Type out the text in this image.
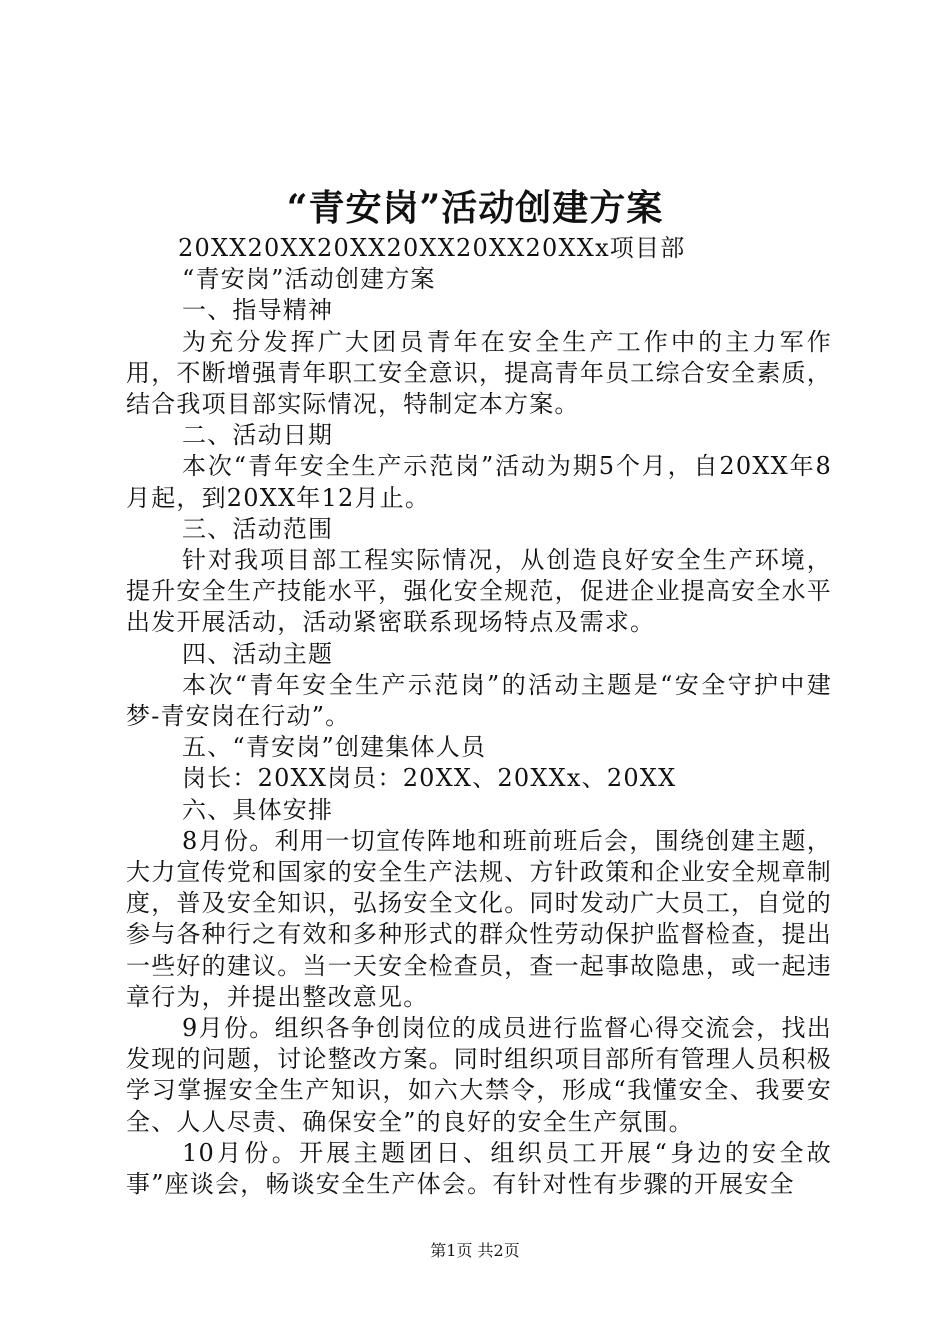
“青安岗”活动创建方案

20XX20XX20XX20XX20XX20XXx项目部

“青安岗”活动创建方案

一、指导精神

为充分发挥广大团员青年在安全生产工作中的主力军作用，不断增强青年职工安全意识，提高青年员工综合安全素质，结合我项目部实际情况，特制定本方案。

二、活动日期

本次“青年安全生产示范岗”活动为期5个月，自20XX年8月起，到20XX年12月止。

三、活动范围

针对我项目部工程实际情况，从创造良好安全生产环境，提升安全生产技能水平，强化安全规范，促进企业提高安全水平出发开展活动，活动紧密联系现场特点及需求。

四、活动主题

本次“青年安全生产示范岗”的活动主题是“安全守护中建梦-青安岗在行动”。

五、“青安岗”创建集体人员

岗长：20XX岗员：20XX、20XXx、20XX

六、具体安排

8月份。利用一切宣传阵地和班前班后会，围绕创建主题，大力宣传党和国家的安全生产法规、方针政策和企业安全规章制度，普及安全知识，弘扬安全文化。同时发动广大员工，自觉的参与各种行之有效和多种形式的群众性劳动保护监督检查，提出一些好的建议。当一天安全检查员，查一起事故隐患，或一起违章行为，并提出整改意见。

9月份。组织各争创岗位的成员进行监督心得交流会，找出发现的问题，讨论整改方案。同时组织项目部所有管理人员积极学习掌握安全生产知识，如六大禁令，形成“我懂安全、我要安全、人人尽责、确保安全”的良好的安全生产氛围。

10月份。开展主题团日、组织员工开展“身边的安全故事”座谈会，畅谈安全生产体会。有针对性有步骤的开展安全

第1页 共2页
